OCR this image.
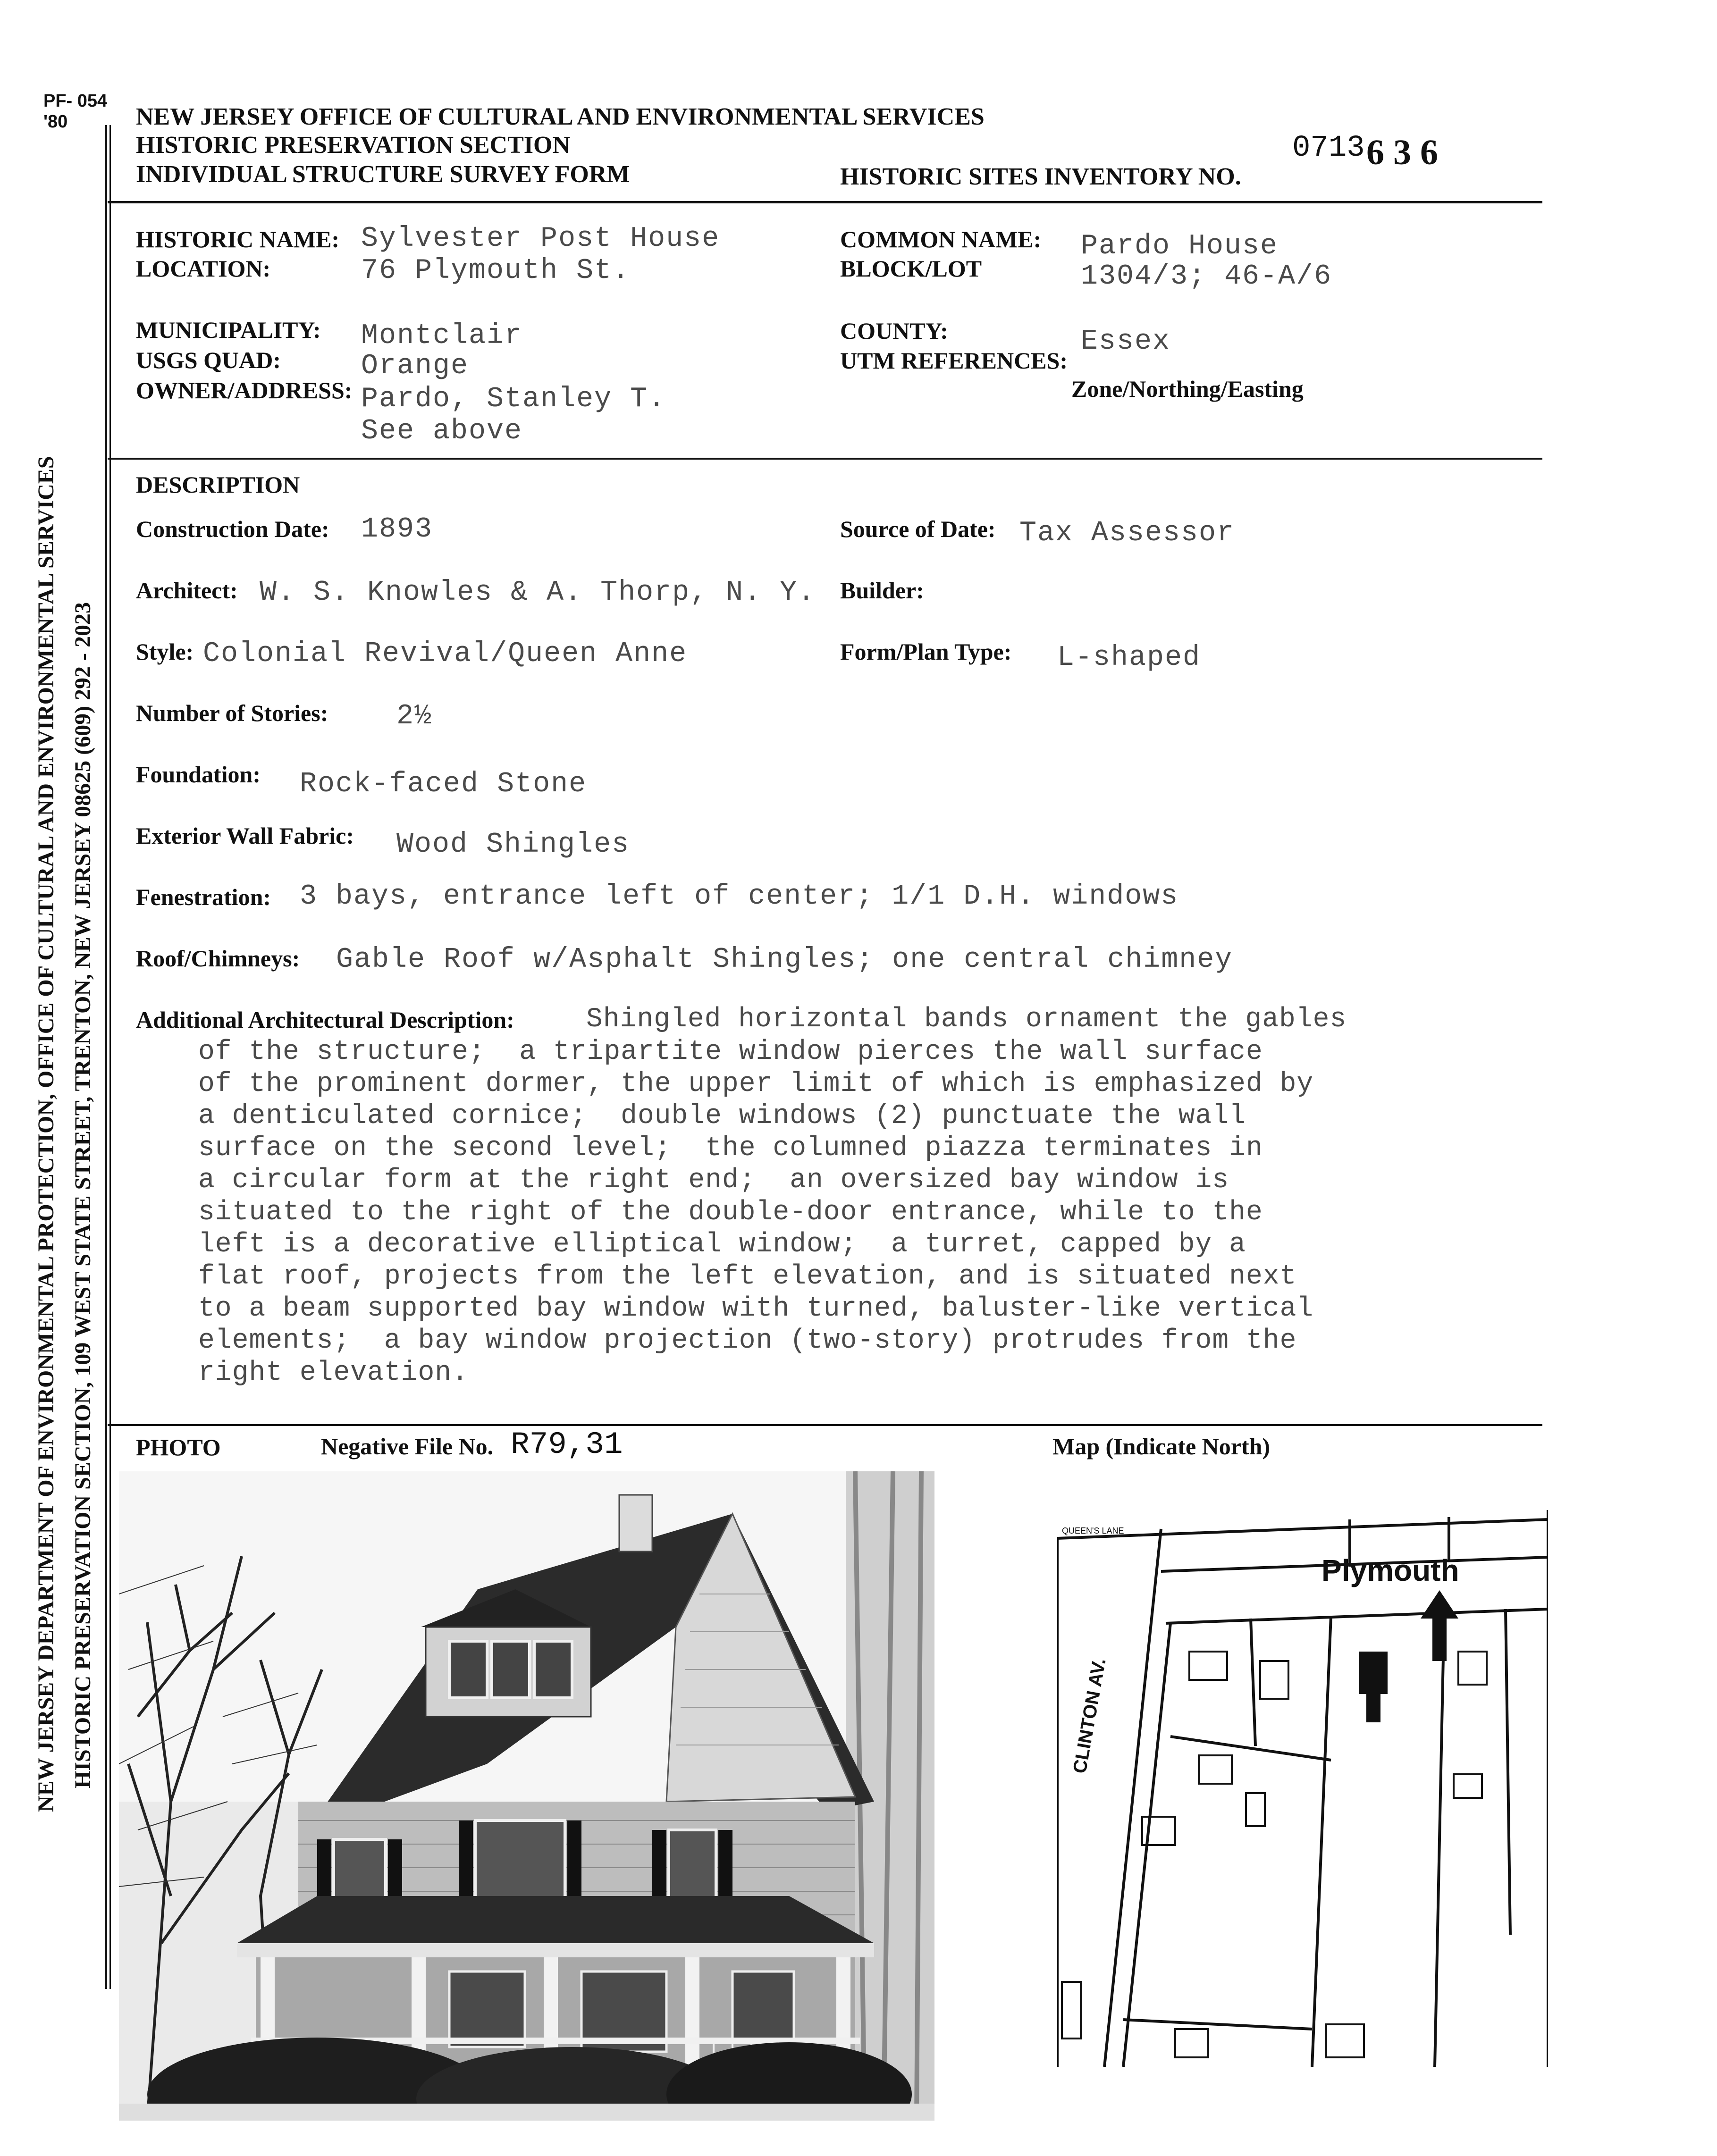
PF- 054
'80
NEW JERSEY DEPARTMENT OF ENVIRONMENTAL PROTECTION, OFFICE OF CULTURAL AND ENVIRONMENTAL SERVICES HISTORIC PRESERVATION SECTION, 109 WEST STATE STREET, TRENTON, NEW JERSEY 08625 (609) 292 - 2023
NEW JERSEY OFFICE OF CULTURAL AND ENVIRONMENTAL SERVICES
HISTORIC PRESERVATION SECTION
INDIVIDUAL STRUCTURE SURVEY FORM	HISTORIC SITES INVENTORY NO.
0713 6 3 6
HISTORIC NAME: Sylvester Post House
LOCATION:	76 Plymouth St.
COMMON NAME: Pardo House
BLOCK/LOT	1304/3; 46-A/6
MUNICIPALITY: Montclair
USGS QUAD:	Orange
OWNER/ADDRESS: Pardo, Stanley T.
See above
COUNTY:	Essex
UTM REFERENCES:
Zone/Northing/Easting
DESCRIPTION
Construction Date: 1893	Source of Date: Tax Assessor
Architect: W. S. Knowles & A. Thorp, N. Y. Builder:
Style: Colonial Revival/Queen Anne	Form/Plan Type: L-shaped
Number of Stories: 2½
Foundation: Rock-faced Stone
Exterior Wall Fabric: Wood Shingles
Fenestration: 3 bays, entrance left of center; 1/1 D.H. windows
Roof/Chimneys: Gable Roof w/Asphalt Shingles; one central chimney
Additional Architectural Description:	Shingled horizontal bands ornament the gables
of the structure;  a tripartite window pierces the wall surface
of the prominent dormer, the upper limit of which is emphasized by
a denticulated cornice;  double windows (2) punctuate the wall
surface on the second level;  the columned piazza terminates in
a circular form at the right end;  an oversized bay window is
situated to the right of the double-door entrance, while to the
left is a decorative elliptical window;  a turret, capped by a
flat roof, projects from the left elevation, and is situated next
to a beam supported bay window with turned, baluster-like vertical
elements;  a bay window projection (two-story) protrudes from the
right elevation.
PHOTO	Negative File No. R79,31	Map (Indicate North)
Plymouth
CLINTON AV.
QUEEN'S LANE
